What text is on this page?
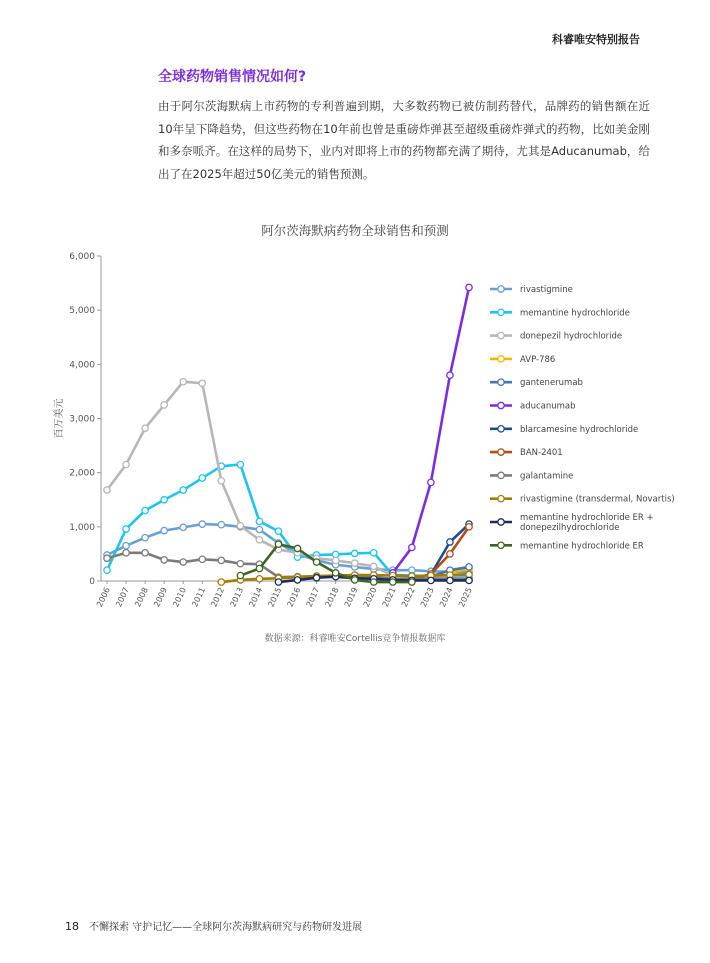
科睿唯安特别报告
全球药物销售情况如何?
由于阿尔茨海默病上市药物的专利普遍到期，大多数药物已被仿制药替代，品牌药的销售额在近10年呈下降趋势，但这些药物在10年前也曾是重磅炸弹甚至超级重磅炸弹式的药物，比如美金刚和多奈哌齐。在这样的局势下，业内对即将上市的药物都充满了期待，尤其是Aducanumab，给出了在2025年超过50亿美元的销售预测。
阿尔茨海默病药物全球销售和预测
0
1,000
2,000
3,000
4,000
5,000
6,000
百万美元
2006 2007 2008 2009 2010 2011 2012 2013 2014 2015 2016 2017 2018 2019 2020 2021 2022 2023 2024 2025
rivastigmine
memantine hydrochloride
donepezil hydrochloride
AVP-786
gantenerumab
aducanumab
blarcamesine hydrochloride
BAN-2401
galantamine
rivastigmine (transdermal, Novartis)
memantine hydrochloride ER + donepezilhydrochloride
memantine hydrochloride ER
数据来源：科睿唯安Cortellis竞争情报数据库
18 不懈探索 守护记忆——全球阿尔茨海默病研究与药物研发进展
